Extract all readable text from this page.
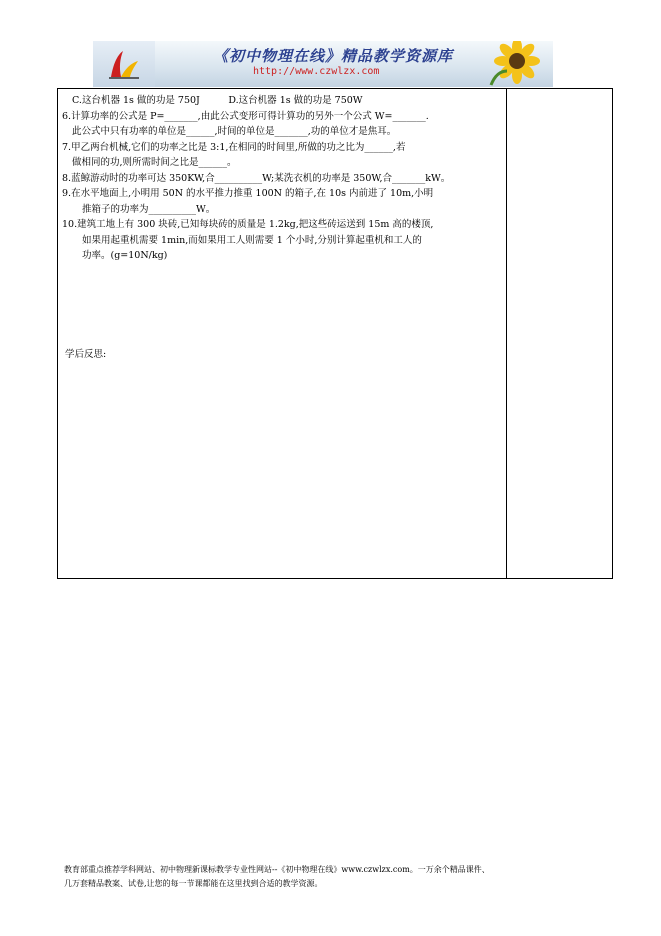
《初中物理在线》精品教学资源库
http://www.czwlzx.com
C.这台机器 1s 做的功是 750J　　　D.这台机器 1s 做的功是 750W
6.计算功率的公式是 P=_______,由此公式变形可得计算功的另外一个公式 W=_______.
此公式中只有功率的单位是______,时间的单位是_______,功的单位才是焦耳。
7.甲乙两台机械,它们的功率之比是 3:1,在相同的时间里,所做的功之比为______,若
做相同的功,则所需时间之比是______。
8.蓝鲸游动时的功率可达 350KW,合__________W;某洗衣机的功率是 350W,合_______kW。
9.在水平地面上,小明用 50N 的水平推力推重 100N 的箱子,在 10s 内前进了 10m,小明
推箱子的功率为__________W。
10.建筑工地上有 300 块砖,已知每块砖的质量是 1.2kg,把这些砖运送到 15m 高的楼顶,
如果用起重机需要 1min,而如果用工人则需要 1 个小时,分别计算起重机和工人的
功率。(g=10N/kg)
学后反思:
教育部重点推荐学科网站、初中物理新课标教学专业性网站--《初中物理在线》www.czwlzx.com。一万余个精品课件、
几万套精品教案、试卷,让您的每一节课都能在这里找到合适的教学资源。
